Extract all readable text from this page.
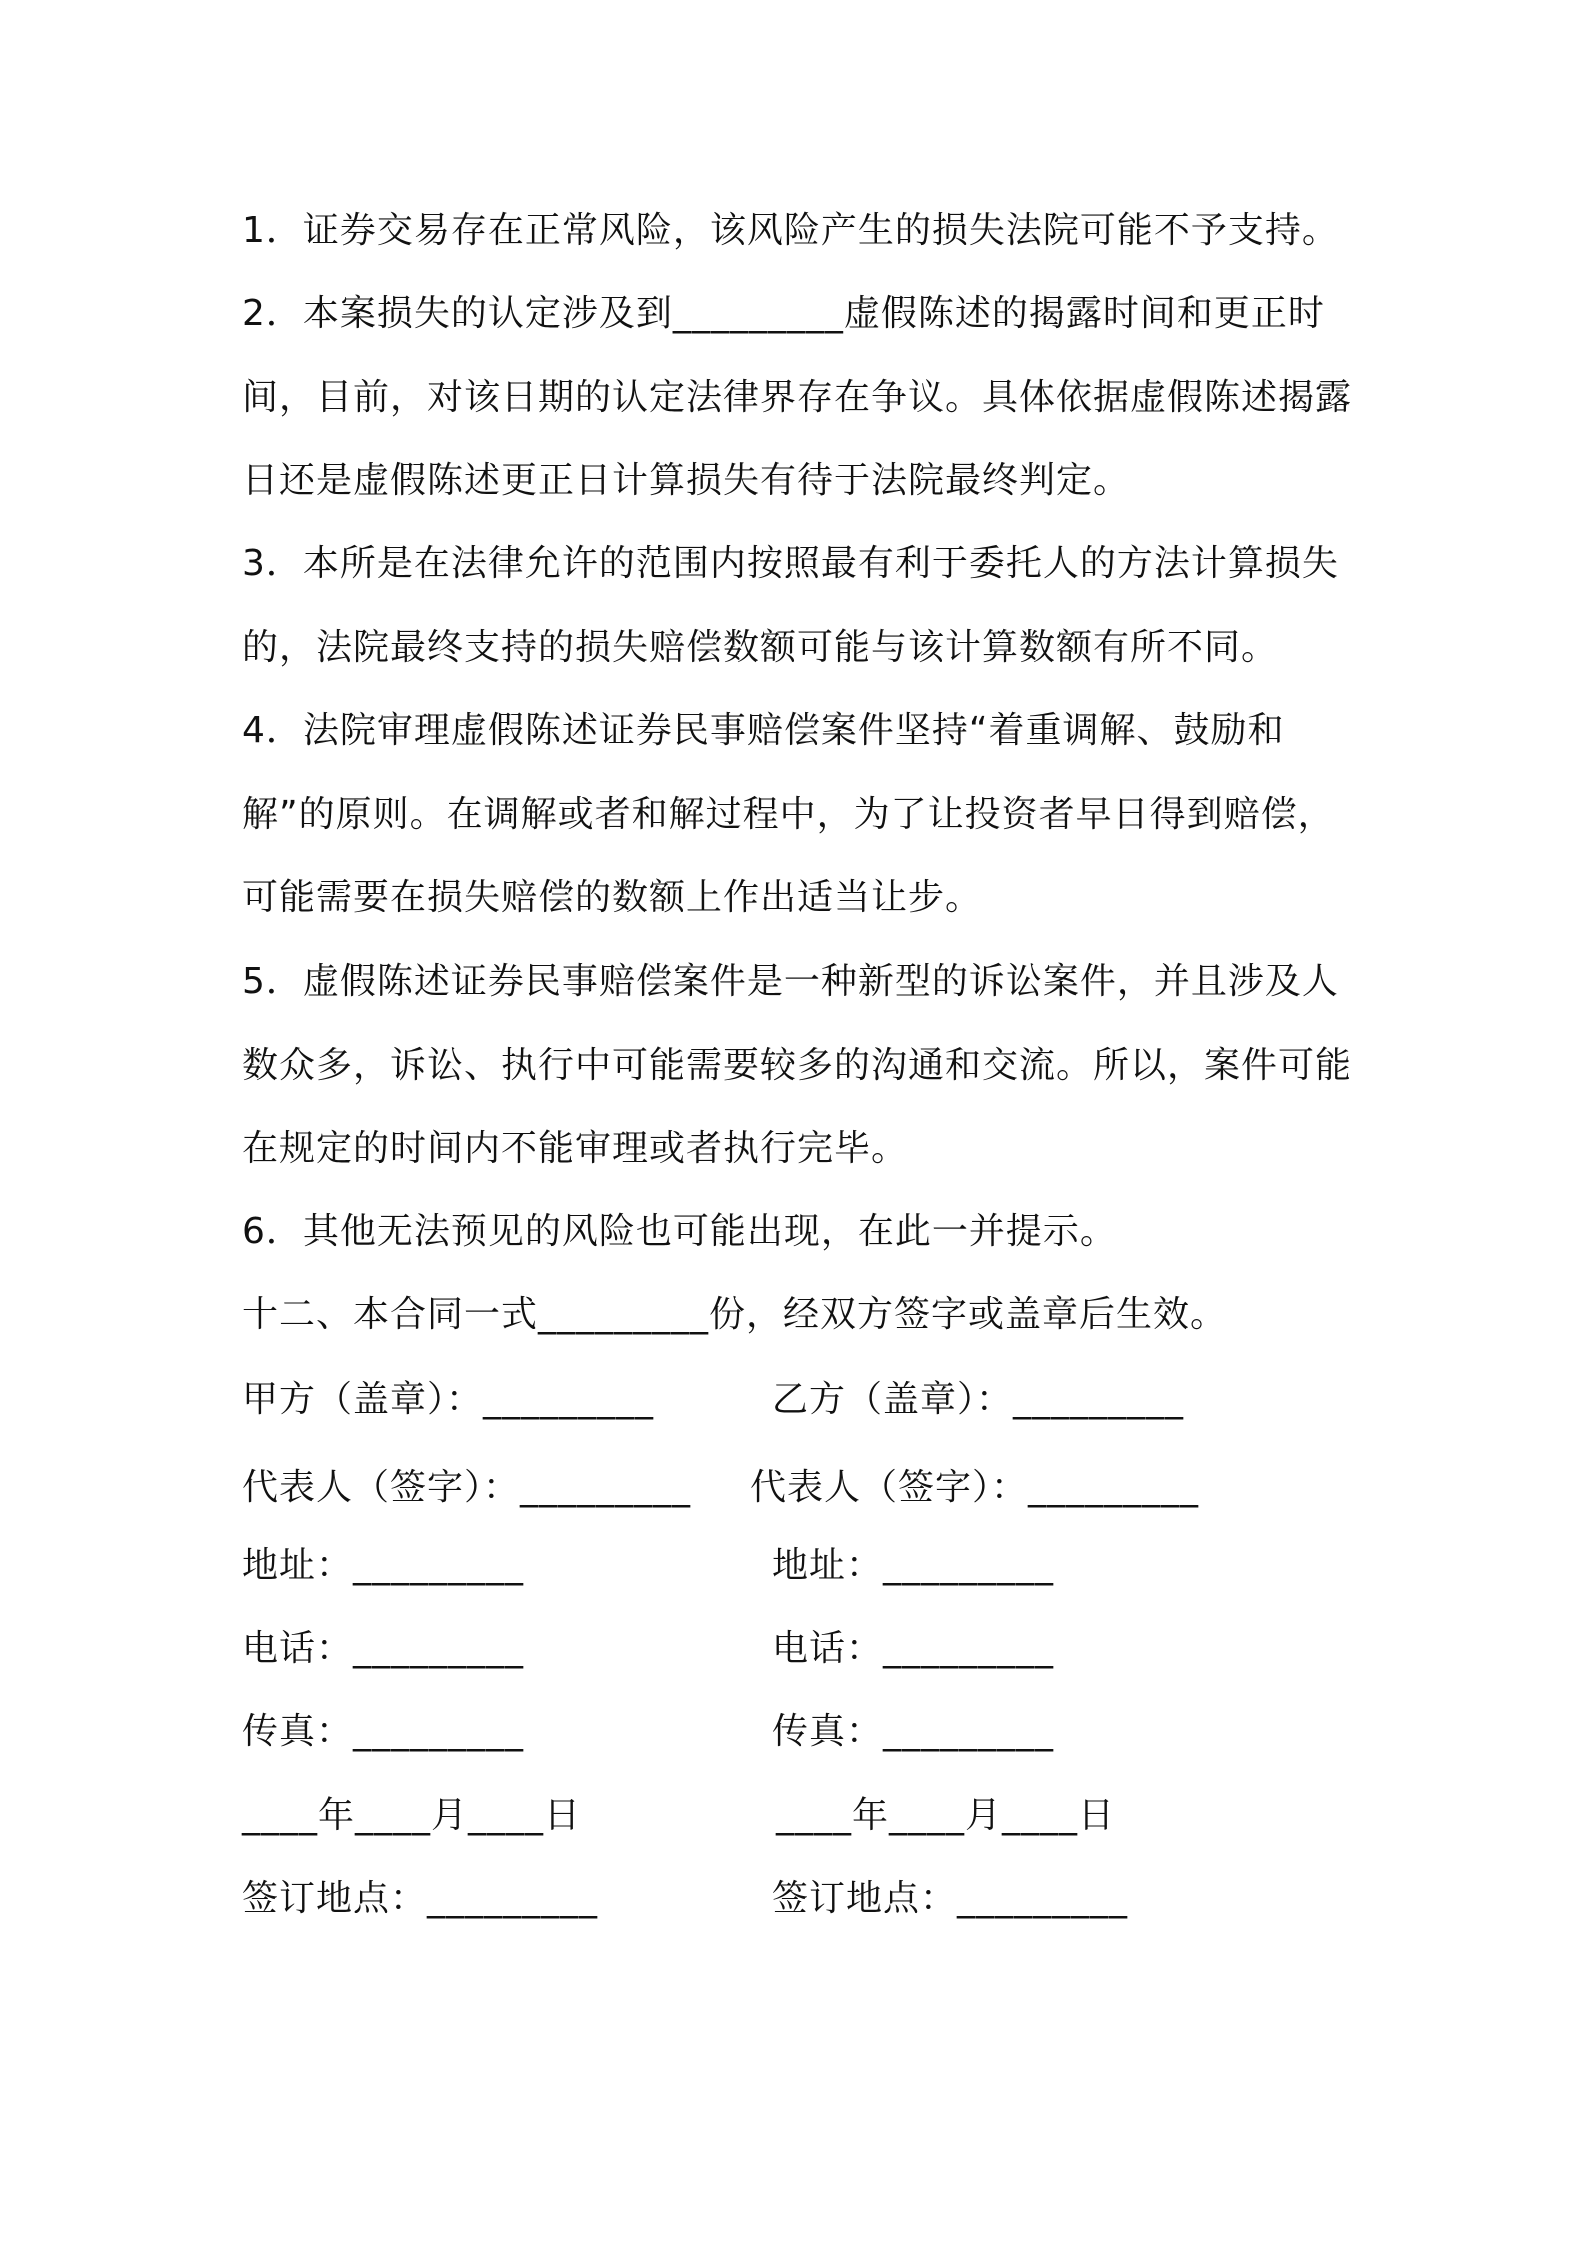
1．证券交易存在正常风险，该风险产生的损失法院可能不予支持。
2．本案损失的认定涉及到_________虚假陈述的揭露时间和更正时间，目前，对该日期的认定法律界存在争议。具体依据虚假陈述揭露日还是虚假陈述更正日计算损失有待于法院最终判定。
3．本所是在法律允许的范围内按照最有利于委托人的方法计算损失的，法院最终支持的损失赔偿数额可能与该计算数额有所不同。
4．法院审理虚假陈述证券民事赔偿案件坚持“着重调解、鼓励和解”的原则。在调解或者和解过程中，为了让投资者早日得到赔偿，可能需要在损失赔偿的数额上作出适当让步。
5．虚假陈述证券民事赔偿案件是一种新型的诉讼案件，并且涉及人数众多，诉讼、执行中可能需要较多的沟通和交流。所以，案件可能在规定的时间内不能审理或者执行完毕。
6．其他无法预见的风险也可能出现，在此一并提示。
十二、本合同一式_________份，经双方签字或盖章后生效。
甲方（盖章）：_________	乙方（盖章）：_________
代表人（签字）：_________ 代表人（签字）：_________
地址：_________	地址：_________
电话：_________	电话：_________
传真：_________	传真：_________
____年____月____日	____年____月____日
签订地点：_________	签订地点：_________
